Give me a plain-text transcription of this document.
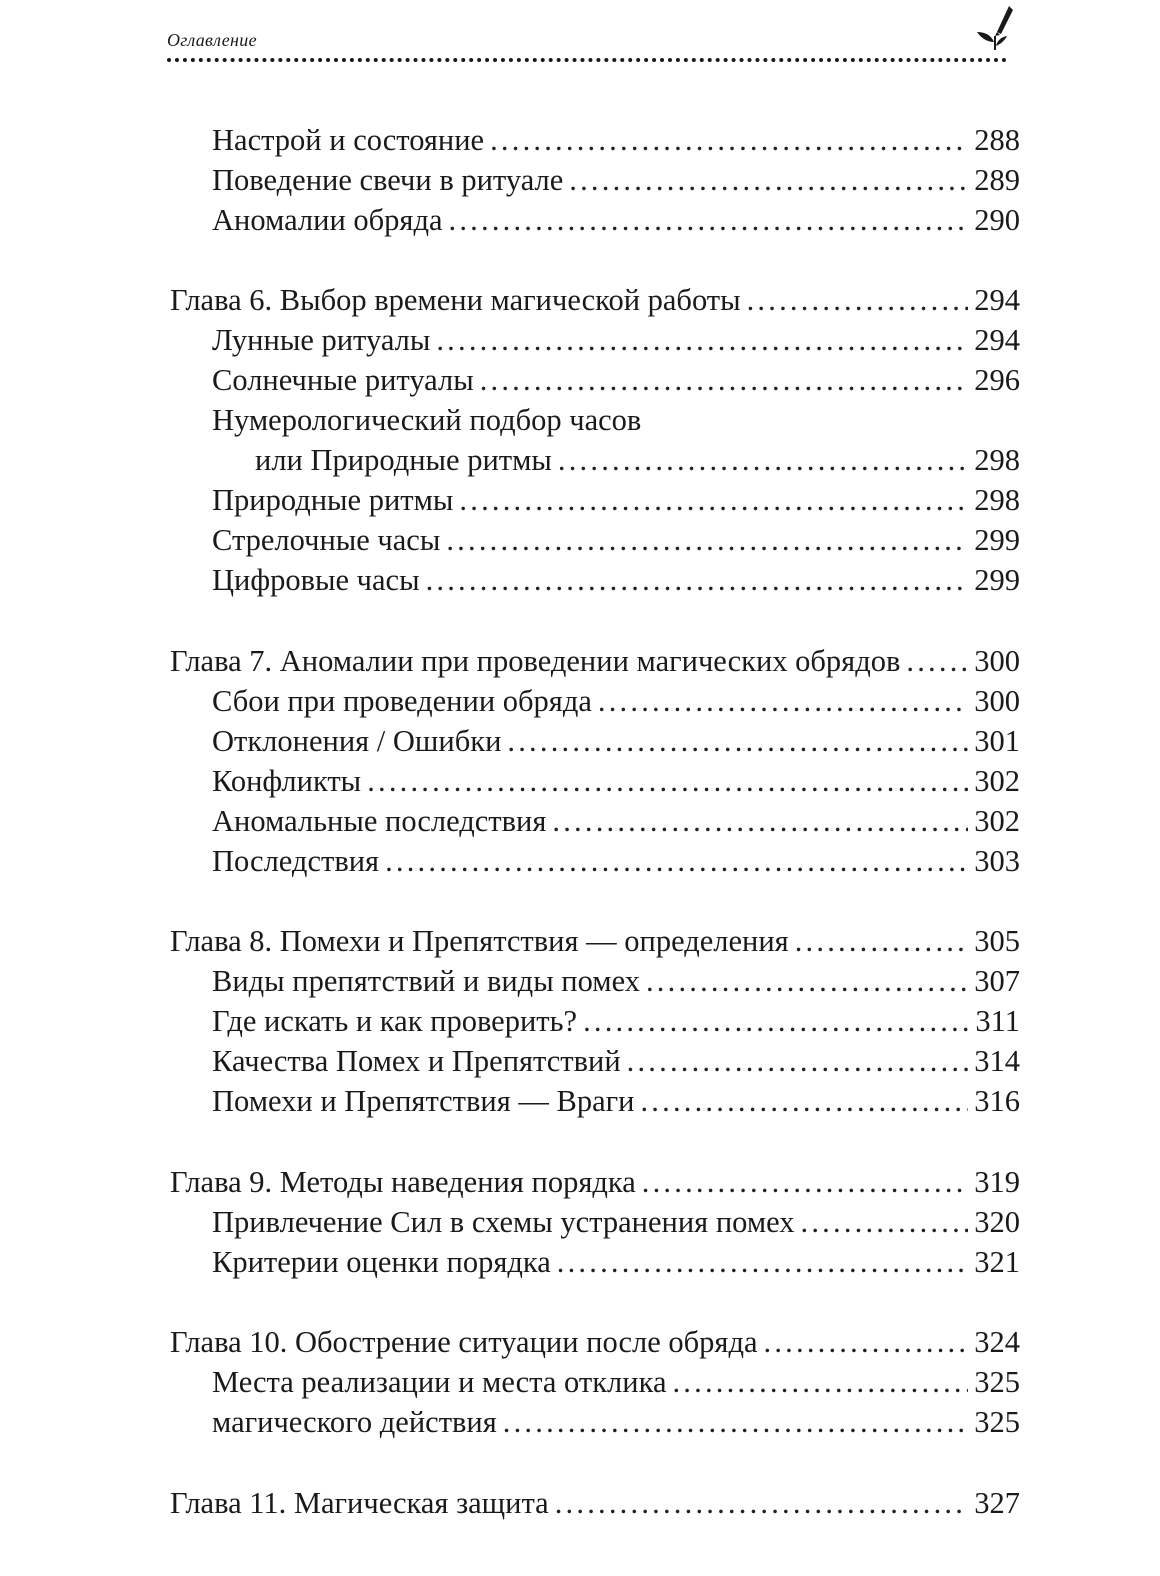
Оглавление
Настрой и состояние .....	288
Поведение свечи в ритуале .....	289
Аномалии обряда .....	290
Глава 6. Выбор времени магической работы .....	294
Лунные ритуалы .....	294
Солнечные ритуалы .....	296
Нумерологический подбор часов
или Природные ритмы .....	298
Природные ритмы .....	298
Стрелочные часы .....	299
Цифровые часы .....	299
Глава 7. Аномалии при проведении магических обрядов ..... 300
Сбои при проведении обряда .....	300
Отклонения / Ошибки .....	301
Конфликты .....	302
Аномальные последствия .....	302
Последствия .....	303
Глава 8. Помехи и Препятствия — определения .....	305
Виды препятствий и виды помех .....	307
Где искать и как проверить? .....	311
Качества Помех и Препятствий .....	314
Помехи и Препятствия — Враги .....	316
Глава 9. Методы наведения порядка .....	319
Привлечение Сил в схемы устранения помех .....	320
Критерии оценки порядка .....	321
Глава 10. Обострение ситуации после обряда .....	324
Места реализации и места отклика .....	325
магического действия .....	325
Глава 11. Магическая защита .....	327
